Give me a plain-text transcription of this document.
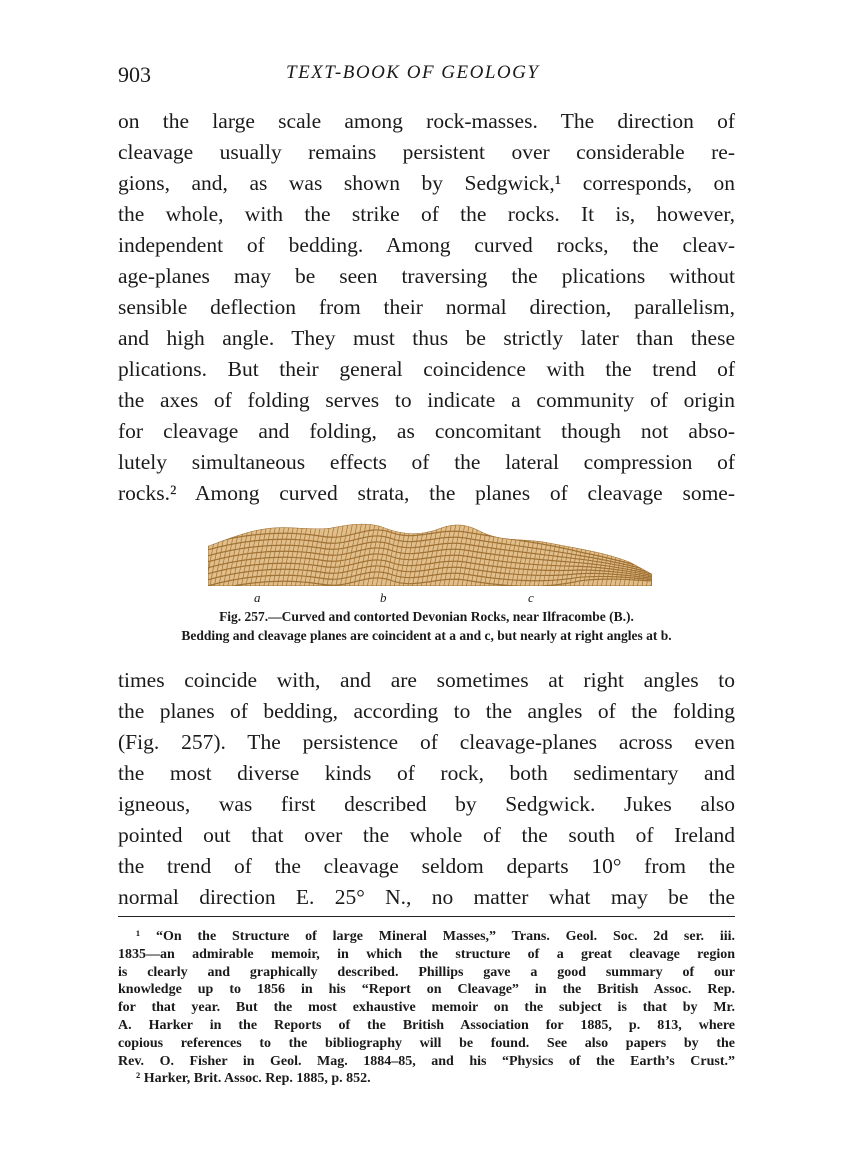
903	TEXT-BOOK OF GEOLOGY
on the large scale among rock-masses. The direction of
cleavage usually remains persistent over considerable re-
gions, and, as was shown by Sedgwick,¹ corresponds, on
the whole, with the strike of the rocks. It is, however,
independent of bedding. Among curved rocks, the cleav-
age-planes may be seen traversing the plications without
sensible deflection from their normal direction, parallelism,
and high angle. They must thus be strictly later than these
plications. But their general coincidence with the trend of
the axes of folding serves to indicate a community of origin
for cleavage and folding, as concomitant though not abso-
lutely simultaneous effects of the lateral compression of
rocks.² Among curved strata, the planes of cleavage some-
a	b	c
Fig. 257.—Curved and contorted Devonian Rocks, near Ilfracombe (B.).
Bedding and cleavage planes are coincident at a and c, but nearly at right angles at b.
times coincide with, and are sometimes at right angles to
the planes of bedding, according to the angles of the folding
(Fig. 257). The persistence of cleavage-planes across even
the most diverse kinds of rock, both sedimentary and
igneous, was first described by Sedgwick. Jukes also
pointed out that over the whole of the south of Ireland
the trend of the cleavage seldom departs 10° from the
normal direction E. 25° N., no matter what may be the
¹ “On the Structure of large Mineral Masses,” Trans. Geol. Soc. 2d ser. iii.
1835—an admirable memoir, in which the structure of a great cleavage region
is clearly and graphically described. Phillips gave a good summary of our
knowledge up to 1856 in his “Report on Cleavage” in the British Assoc. Rep.
for that year. But the most exhaustive memoir on the subject is that by Mr.
A. Harker in the Reports of the British Association for 1885, p. 813, where
copious references to the bibliography will be found. See also papers by the
Rev. O. Fisher in Geol. Mag. 1884–85, and his “Physics of the Earth’s Crust.”
² Harker, Brit. Assoc. Rep. 1885, p. 852.
